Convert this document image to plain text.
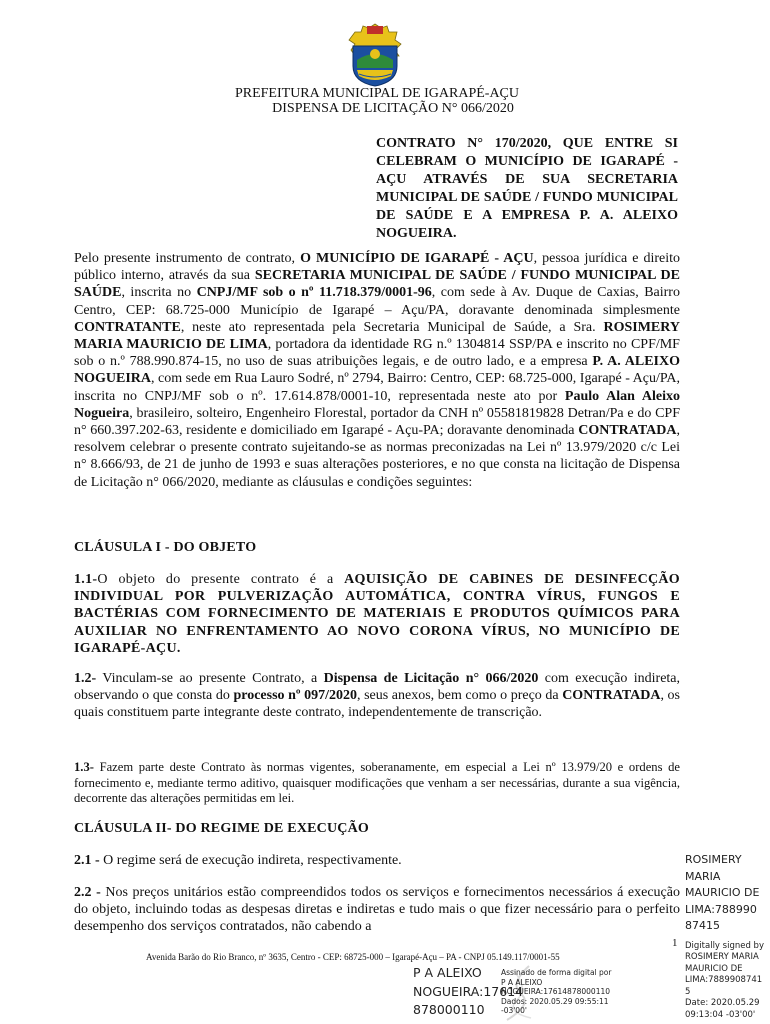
PREFEITURA MUNICIPAL DE IGARAPÉ-AÇU
DISPENSA DE LICITAÇÃO N° 066/2020
CONTRATO N° 170/2020, QUE ENTRE SI CELEBRAM O MUNICÍPIO DE IGARAPÉ - AÇU ATRAVÉS DE SUA SECRETARIA MUNICIPAL DE SAÚDE / FUNDO MUNICIPAL DE SAÚDE E A EMPRESA P. A. ALEIXO NOGUEIRA.
Pelo presente instrumento de contrato, O MUNICÍPIO DE IGARAPÉ - AÇU, pessoa jurídica e direito público interno, através da sua SECRETARIA MUNICIPAL DE SAÚDE / FUNDO MUNICIPAL DE SAÚDE, inscrita no CNPJ/MF sob o nº 11.718.379/0001-96, com sede à Av. Duque de Caxias, Bairro Centro, CEP: 68.725-000 Município de Igarapé – Açu/PA, doravante denominada simplesmente CONTRATANTE, neste ato representada pela Secretaria Municipal de Saúde, a Sra. ROSIMERY MARIA MAURICIO DE LIMA, portadora da identidade RG n.º 1304814 SSP/PA e inscrito no CPF/MF sob o n.º 788.990.874-15, no uso de suas atribuições legais, e de outro lado, e a empresa P. A. ALEIXO NOGUEIRA, com sede em Rua Lauro Sodré, nº 2794, Bairro: Centro, CEP: 68.725-000, Igarapé - Açu/PA, inscrita no CNPJ/MF sob o nº. 17.614.878/0001-10, representada neste ato por Paulo Alan Aleixo Nogueira, brasileiro, solteiro, Engenheiro Florestal, portador da CNH nº 05581819828 Detran/Pa e do CPF n° 660.397.202-63, residente e domiciliado em Igarapé - Açu-PA; doravante denominada CONTRATADA, resolvem celebrar o presente contrato sujeitando-se as normas preconizadas na Lei nº 13.979/2020 c/c Lei n° 8.666/93, de 21 de junho de 1993 e suas alterações posteriores, e no que consta na licitação de Dispensa de Licitação n° 066/2020, mediante as cláusulas e condições seguintes:
CLÁUSULA I - DO OBJETO
1.1-O objeto do presente contrato é a AQUISIÇÃO DE CABINES DE DESINFECÇÃO INDIVIDUAL POR PULVERIZAÇÃO AUTOMÁTICA, CONTRA VÍRUS, FUNGOS E BACTÉRIAS COM FORNECIMENTO DE MATERIAIS E PRODUTOS QUÍMICOS PARA AUXILIAR NO ENFRENTAMENTO AO NOVO CORONA VÍRUS, NO MUNICÍPIO DE IGARAPÉ-AÇU.
1.2- Vinculam-se ao presente Contrato, a Dispensa de Licitação n° 066/2020 com execução indireta, observando o que consta do processo nº 097/2020, seus anexos, bem como o preço da CONTRATADA, os quais constituem parte integrante deste contrato, independentemente de transcrição.
1.3- Fazem parte deste Contrato às normas vigentes, soberanamente, em especial a Lei nº 13.979/20 e ordens de fornecimento e, mediante termo aditivo, quaisquer modificações que venham a ser necessárias, durante a sua vigência, decorrente das alterações permitidas em lei.
CLÁUSULA II- DO REGIME DE EXECUÇÃO
2.1 - O regime será de execução indireta, respectivamente.
2.2 - Nos preços unitários estão compreendidos todos os serviços e fornecimentos necessários á execução do objeto, incluindo todas as despesas diretas e indiretas e tudo mais o que fizer necessário para o perfeito desempenho dos serviços contratados, não cabendo a
1
Avenida Barão do Rio Branco, nº 3635, Centro - CEP: 68725-000 – Igarapé-Açu – PA - CNPJ 05.149.117/0001-55
ROSIMERY
MARIA
MAURICIO DE
LIMA:788990
87415
Digitally signed by
ROSIMERY MARIA
MAURICIO DE
LIMA:7889908741
5
Date: 2020.05.29
09:13:04 -03'00'
P A ALEIXO
NOGUEIRA:17614
878000110
Assinado de forma digital por
P A ALEIXO
NOGUEIRA:17614878000110
Dados: 2020.05.29 09:55:11
-03'00'
